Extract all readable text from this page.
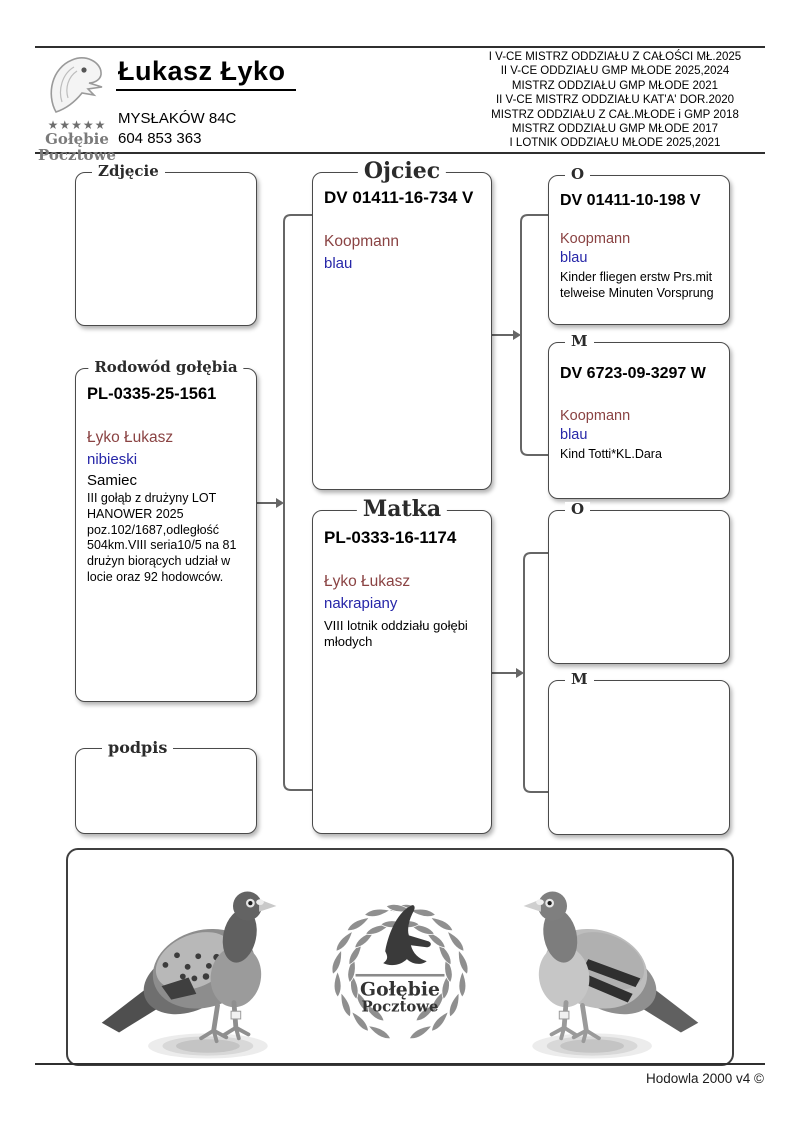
★★★★★
Gołębie
Pocztowe
Łukasz Łyko
MYSŁAKÓW 84C
604 853 363
I V-CE MISTRZ ODDZIAŁU Z CAŁOŚCI MŁ.2025
II V-CE ODDZIAŁU GMP MŁODE 2025,2024
MISTRZ ODDZIAŁU GMP MŁODE 2021
II V-CE MISTRZ ODDZIAŁU KAT'A' DOR.2020
MISTRZ ODDZIAŁU Z CAŁ.MŁODE i GMP 2018
MISTRZ ODDZIAŁU GMP MŁODE 2017
I LOTNIK ODDZIAŁU MŁODE 2025,2021
Zdjęcie
Rodowód gołębia
PL-0335-25-1561
Łyko Łukasz
nibieski
Samiec
III gołąb z drużyny LOT HANOWER 2025 poz.102/1687,odległość 504km.VIII seria10/5 na 81 drużyn biorących udział w locie oraz 92 hodowców.
podpis
Ojciec
DV 01411-16-734 V
Koopmann
blau
Matka
PL-0333-16-1174
Łyko Łukasz
nakrapiany
VIII lotnik oddziału gołębi młodych
O
DV 01411-10-198 V
Koopmann
blau
Kinder fliegen erstw Prs.mit telweise Minuten Vorsprung
M
DV 6723-09-3297 W
Koopmann
blau
Kind Totti*KL.Dara
O
M
Gołębie
Pocztowe
Hodowla 2000 v4 ©
